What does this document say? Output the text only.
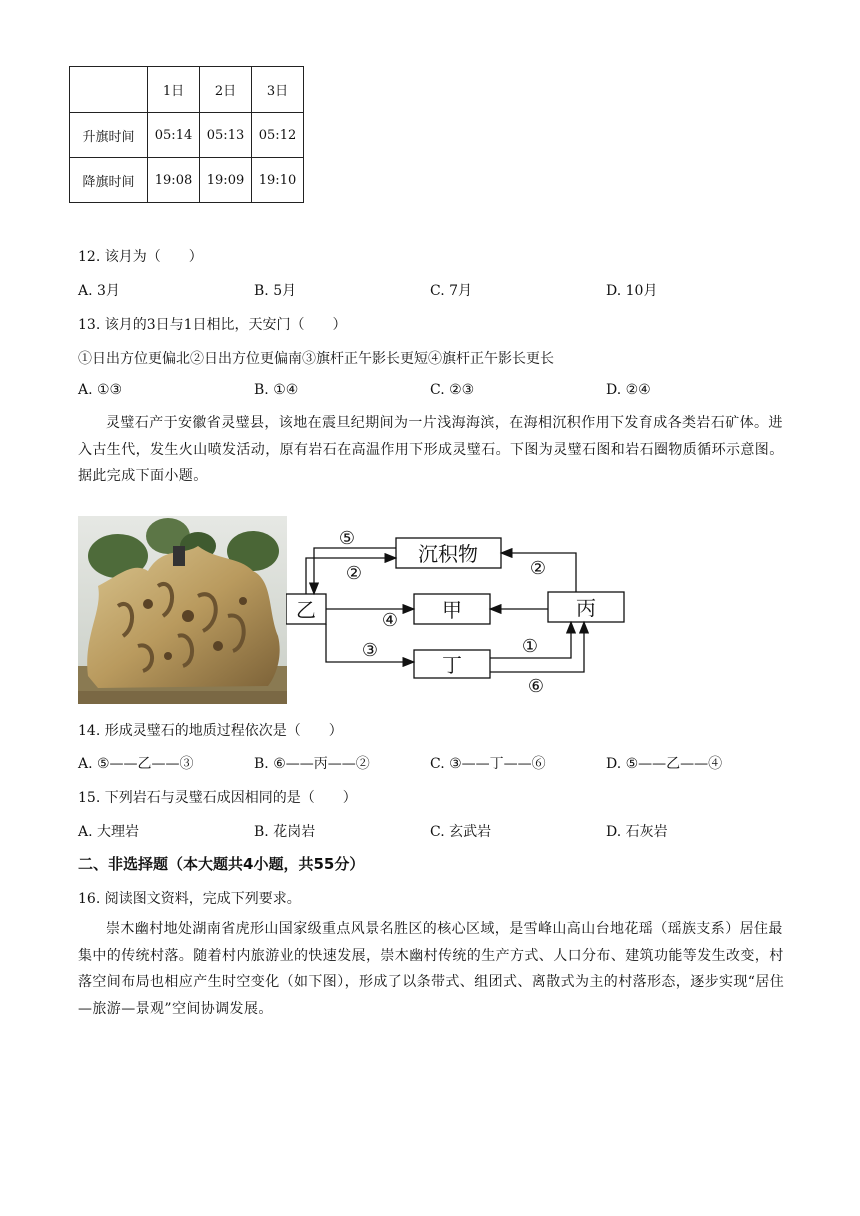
	1日	2日	3日
升旗时间	05:14	05:13	05:12
降旗时间	19:08	19:09	19:10
12. 该月为（　　）
A. 3月	B. 5月	C. 7月	D. 10月
13. 该月的3日与1日相比，天安门（　　）
①日出方位更偏北②日出方位更偏南③旗杆正午影长更短④旗杆正午影长更长
A. ①③	B. ①④	C. ②③	D. ②④
灵璧石产于安徽省灵璧县，该地在震旦纪期间为一片浅海海滨，在海相沉积作用下发育成各类岩石矿体。进入古生代，发生火山喷发活动，原有岩石在高温作用下形成灵璧石。下图为灵璧石图和岩石圈物质循环示意图。据此完成下面小题。
沉积物
乙	甲	丙
丁
⑤
②	②
④
③	①
⑥
14. 形成灵璧石的地质过程依次是（　　）
A. ⑤——乙——③	B. ⑥——丙——②	C. ③——丁——⑥	D. ⑤——乙——④
15. 下列岩石与灵璧石成因相同的是（　　）
A. 大理岩	B. 花岗岩	C. 玄武岩	D. 石灰岩
二、非选择题（本大题共4小题，共55分）
16. 阅读图文资料，完成下列要求。
崇木幽村地处湖南省虎形山国家级重点风景名胜区的核心区域，是雪峰山高山台地花瑶（瑶族支系）居住最集中的传统村落。随着村内旅游业的快速发展，崇木幽村传统的生产方式、人口分布、建筑功能等发生改变，村落空间布局也相应产生时空变化（如下图），形成了以条带式、组团式、离散式为主的村落形态，逐步实现“居住—旅游—景观”空间协调发展。
